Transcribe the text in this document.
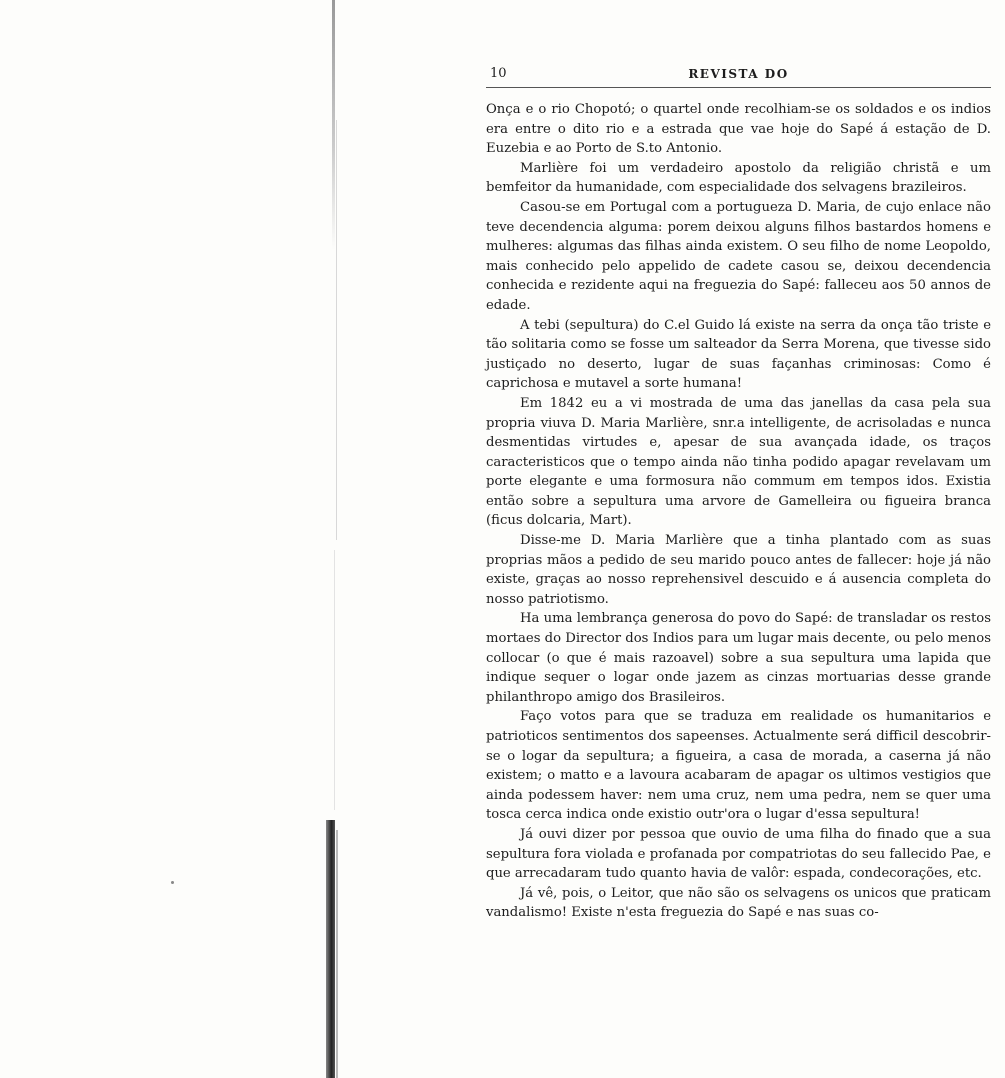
10	REVISTA DO

Onça e o rio Chopotó; o quartel onde recolhiam-se os soldados e os indios era entre o dito rio e a estrada que vae hoje do Sapé á estação de D. Euzebia e ao Porto de S.to Antonio.

Marlière foi um verdadeiro apostolo da religião christã e um bemfeitor da humanidade, com especialidade dos selvagens brazileiros.

Casou-se em Portugal com a portugueza D. Maria, de cujo enlace não teve decendencia alguma: porem deixou alguns filhos bastardos homens e mulheres: algumas das filhas ainda existem. O seu filho de nome Leopoldo, mais conhecido pelo appelido de cadete casou se, deixou decendencia conhecida e rezidente aqui na freguezia do Sapé: falleceu aos 50 annos de edade.

A tebi (sepultura) do C.el Guido lá existe na serra da onça tão triste e tão solitaria como se fosse um salteador da Serra Morena, que tivesse sido justiçado no deserto, lugar de suas façanhas criminosas: Como é caprichosa e mutavel a sorte humana!

Em 1842 eu a vi mostrada de uma das janellas da casa pela sua propria viuva D. Maria Marlière, snr.a intelligente, de acrisoladas e nunca desmentidas virtudes e, apesar de sua avançada idade, os traços caracteristicos que o tempo ainda não tinha podido apagar revelavam um porte elegante e uma formosura não commum em tempos idos. Existia então sobre a sepultura uma arvore de Gamelleira ou figueira branca (ficus dolcaria, Mart).

Disse-me D. Maria Marlière que a tinha plantado com as suas proprias mãos a pedido de seu marido pouco antes de fallecer: hoje já não existe, graças ao nosso reprehensivel descuido e á ausencia completa do nosso patriotismo.

Ha uma lembrança generosa do povo do Sapé: de transladar os restos mortaes do Director dos Indios para um lugar mais decente, ou pelo menos collocar (o que é mais razoavel) sobre a sua sepultura uma lapida que indique sequer o logar onde jazem as cinzas mortuarias desse grande philanthropo amigo dos Brasileiros.

Faço votos para que se traduza em realidade os humanitarios e patrioticos sentimentos dos sapeenses. Actualmente será difficil descobrir-se o logar da sepultura; a figueira, a casa de morada, a caserna já não existem; o matto e a lavoura acabaram de apagar os ultimos vestigios que ainda podessem haver: nem uma cruz, nem uma pedra, nem se quer uma tosca cerca indica onde existio outr'ora o lugar d'essa sepultura!

Já ouvi dizer por pessoa que ouvio de uma filha do finado que a sua sepultura fora violada e profanada por compatriotas do seu fallecido Pae, e que arrecadaram tudo quanto havia de valôr: espada, condecorações, etc.

Já vê, pois, o Leitor, que não são os selvagens os unicos que praticam vandalismo! Existe n'esta freguezia do Sapé e nas suas co-
